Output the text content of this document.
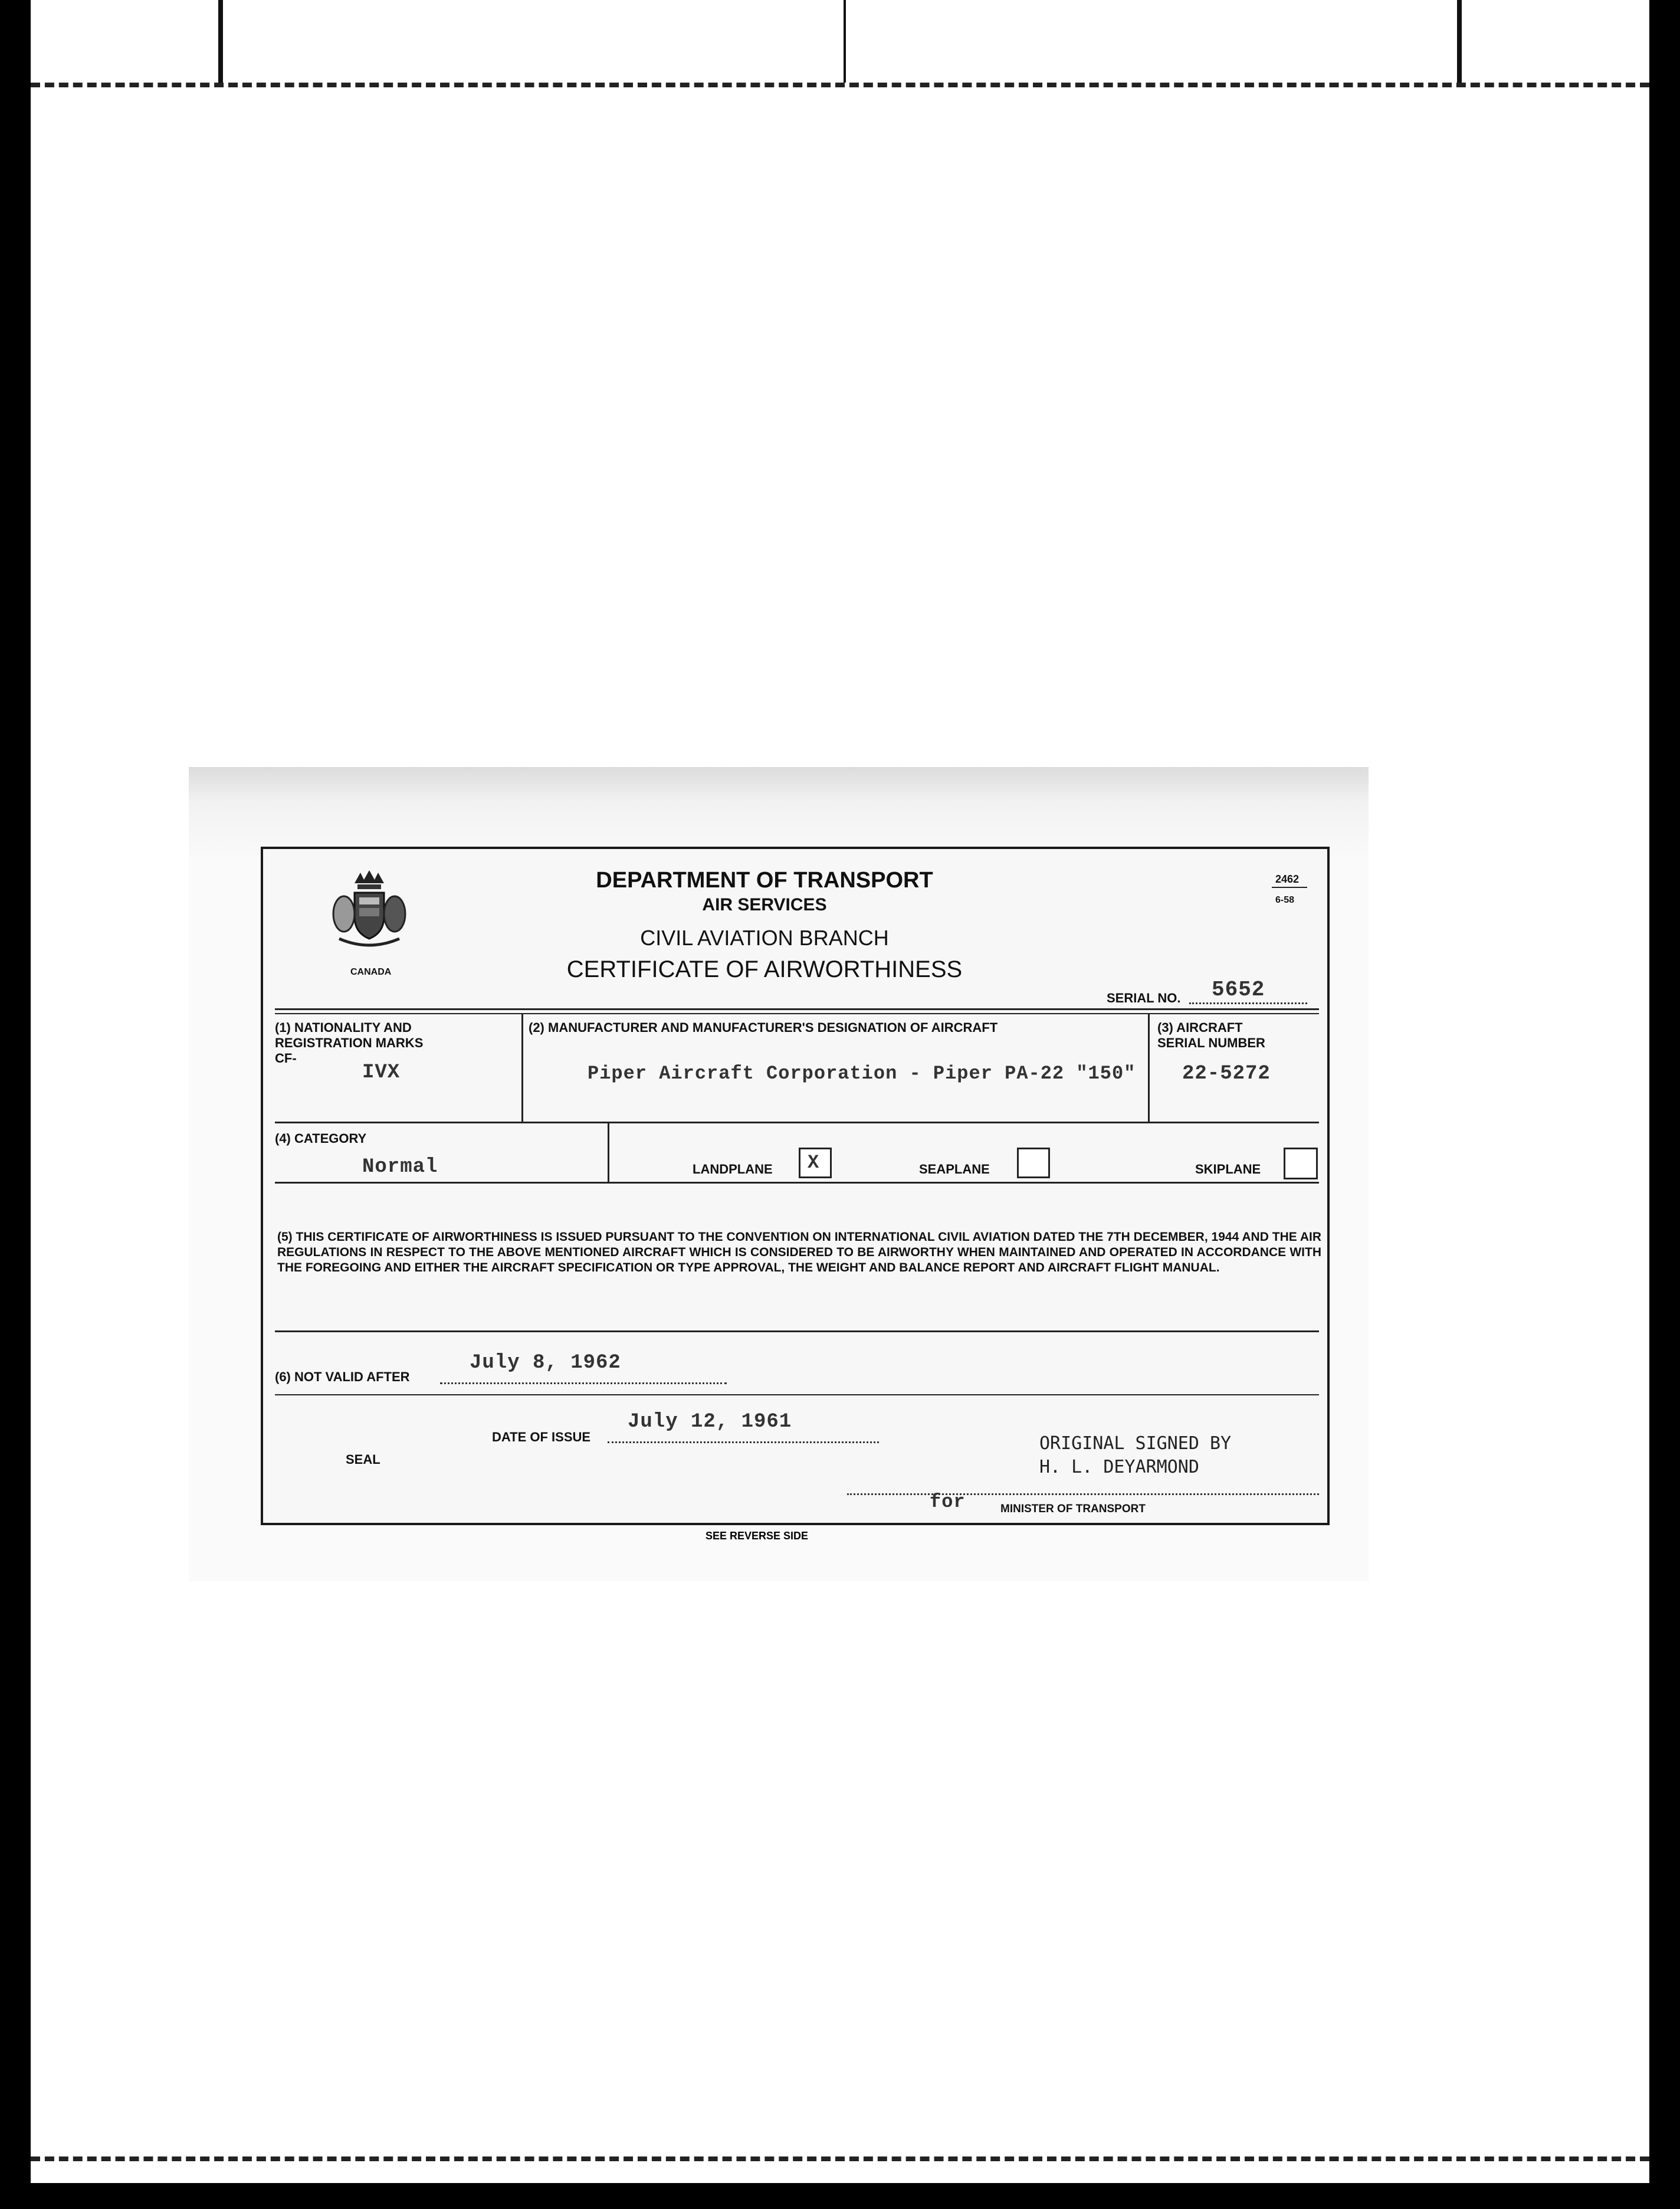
CANADA
DEPARTMENT OF TRANSPORT
AIR SERVICES
CIVIL AVIATION BRANCH
CERTIFICATE OF AIRWORTHINESS
2462
6-58
SERIAL NO. 5652
(1) NATIONALITY AND
REGISTRATION MARKS
CF-
IVX
(2) MANUFACTURER AND MANUFACTURER'S DESIGNATION OF AIRCRAFT
Piper Aircraft Corporation - Piper PA-22 "150"
(3) AIRCRAFT
SERIAL NUMBER
22-5272
(4) CATEGORY
Normal	LANDPLANE X	SEAPLANE	SKIPLANE
(5) THIS CERTIFICATE OF AIRWORTHINESS IS ISSUED PURSUANT TO THE CONVENTION ON INTERNATIONAL CIVIL AVIATION DATED THE 7TH DECEMBER, 1944 AND THE AIR REGULATIONS IN RESPECT TO THE ABOVE MENTIONED AIRCRAFT WHICH IS CONSIDERED TO BE AIRWORTHY WHEN MAINTAINED AND OPERATED IN ACCORDANCE WITH THE FOREGOING AND EITHER THE AIRCRAFT SPECIFICATION OR TYPE APPROVAL, THE WEIGHT AND BALANCE REPORT AND AIRCRAFT FLIGHT MANUAL.
(6) NOT VALID AFTER
July 8, 1962
DATE OF ISSUE
July 12, 1961
SEAL
ORIGINAL SIGNED BY
H. L. DEYARMOND
for	MINISTER OF TRANSPORT
SEE REVERSE SIDE
